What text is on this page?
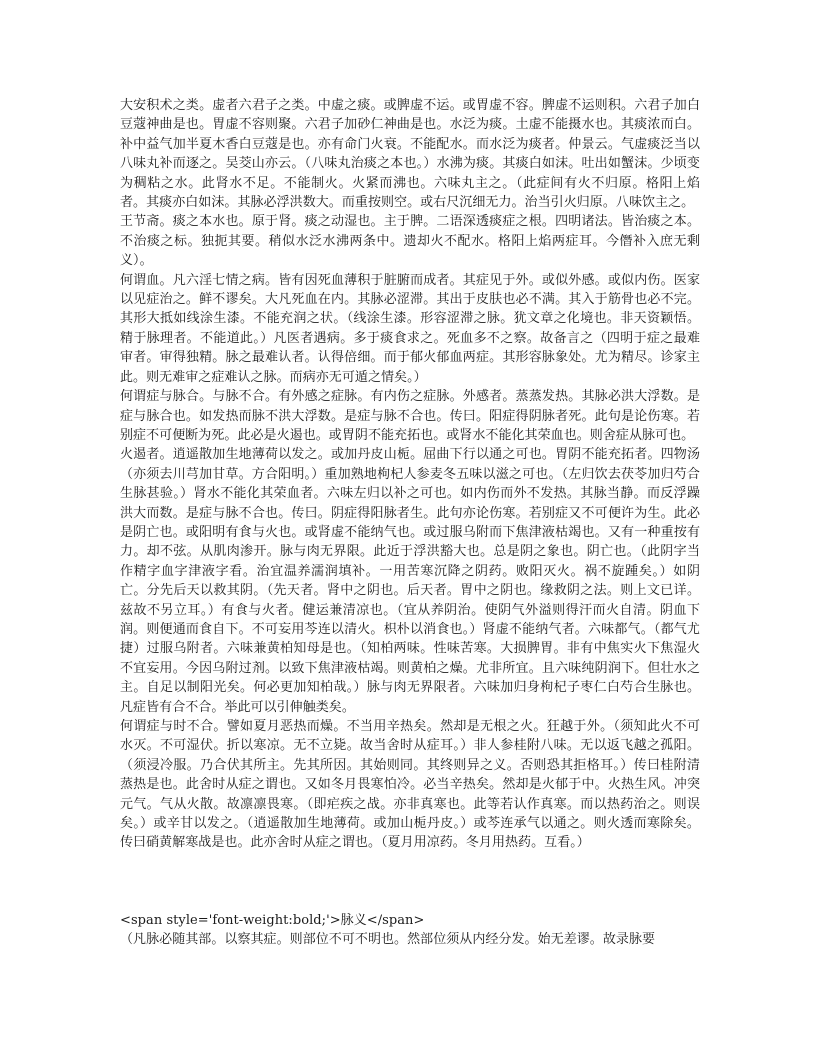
大安积术之类。虚者六君子之类。中虚之痰。或脾虚不运。或胃虚不容。脾虚不运则积。六君子加白豆蔻神曲是也。胃虚不容则聚。六君子加砂仁神曲是也。水泛为痰。土虚不能摄水也。其痰浓而白。补中益气加半夏木香白豆蔻是也。亦有命门火衰。不能配水。而水泛为痰者。仲景云。气虚痰泛当以八味丸补而逐之。吴茭山亦云。（八味丸治痰之本也。）水沸为痰。其痰白如沫。吐出如蟹沫。少顷变为稠粘之水。此肾水不足。不能制火。火紧而沸也。六味丸主之。（此症间有火不归原。格阳上焰者。其痰亦白如沫。其脉必浮洪数大。而重按则空。或右尺沉细无力。治当引火归原。八味饮主之。

王节斋。痰之本水也。原于肾。痰之动湿也。主于脾。二语深透痰症之根。四明诸法。皆治痰之本。不治痰之标。独扼其要。稍似水泛水沸两条中。遗却火不配水。格阳上焰两症耳。今僭补入庶无剩义）。

何谓血。凡六淫七情之病。皆有因死血薄积于脏腑而成者。其症见于外。或似外感。或似内伤。医家以见症治之。鲜不谬矣。大凡死血在内。其脉必涩滞。其出于皮肤也必不满。其入于筋骨也必不完。其形大抵如线涂生漆。不能充润之状。（线涂生漆。形容涩滞之脉。犹文章之化境也。非天资颖悟。精于脉理者。不能道此。）凡医者遇病。多于痰食求之。死血多不之察。故备言之（四明于症之最难审者。审得独精。脉之最难认者。认得倍细。而于郁火郁血两症。其形容脉象处。尤为精尽。诊家主此。则无难审之症难认之脉。而病亦无可遁之情矣。）

何谓症与脉合。与脉不合。有外感之症脉。有内伤之症脉。外感者。蒸蒸发热。其脉必洪大浮数。是症与脉合也。如发热而脉不洪大浮数。是症与脉不合也。传曰。阳症得阴脉者死。此句是论伤寒。若别症不可便断为死。此必是火遏也。或胃阴不能充拓也。或肾水不能化其荣血也。则舍症从脉可也。

火遏者。逍遥散加生地薄荷以发之。或加丹皮山栀。屈曲下行以通之可也。胃阴不能充拓者。四物汤（亦须去川芎加甘草。方合阳明。）重加熟地枸杞人参麦冬五味以滋之可也。（左归饮去茯苓加归芍合生脉甚验。）肾水不能化其荣血者。六味左归以补之可也。如内伤而外不发热。其脉当静。而反浮躁洪大而数。是症与脉不合也。传曰。阴症得阳脉者生。此句亦论伤寒。若别症又不可便许为生。此必是阴亡也。或阳明有食与火也。或肾虚不能纳气也。或过服乌附而下焦津液枯竭也。又有一种重按有力。却不弦。从肌肉渗开。脉与肉无界限。此近于浮洪豁大也。总是阴之象也。阴亡也。（此阴字当作精字血字津液字看。治宜温养濡润填补。一用苦寒沉降之阴药。败阳灭火。祸不旋踵矣。）如阴亡。分先后天以救其阴。（先天者。肾中之阴也。后天者。胃中之阴也。缘救阴之法。则上文已详。兹故不另立耳。）有食与火者。健运兼清凉也。（宜从养阴治。使阴气外溢则得汗而火自清。阴血下润。则便通而食自下。不可妄用芩连以清火。枳朴以消食也。）肾虚不能纳气者。六味都气。（都气尤捷）过服乌附者。六味兼黄柏知母是也。（知柏两味。性味苦寒。大损脾胃。非有中焦实火下焦湿火不宜妄用。今因乌附过剂。以致下焦津液枯竭。则黄柏之燥。尤非所宜。且六味纯阴润下。但壮水之主。自足以制阳光矣。何必更加知柏哉。）脉与肉无界限者。六味加归身枸杞子枣仁白芍合生脉也。凡症皆有合不合。举此可以引伸触类矣。

何谓症与时不合。譬如夏月恶热而燥。不当用辛热矣。然却是无根之火。狂越于外。（须知此火不可水灭。不可湿伏。折以寒凉。无不立毙。故当舍时从症耳。）非人参桂附八味。无以返飞越之孤阳。（须浸冷服。乃合伏其所主。先其所因。其始则同。其终则异之义。否则恐其拒格耳。）传曰桂附清蒸热是也。此舍时从症之谓也。又如冬月畏寒怕冷。必当辛热矣。然却是火郁于中。火热生风。冲突元气。气从火散。故凛凛畏寒。（即疟疾之战。亦非真寒也。此等若认作真寒。而以热药治之。则误矣。）或辛甘以发之。（逍遥散加生地薄荷。或加山栀丹皮。）或芩连承气以通之。则火透而寒除矣。传曰硝黄解寒战是也。此亦舍时从症之谓也。（夏月用凉药。冬月用热药。互看。）

<span style='font-weight:bold;'>脉义</span>

（凡脉必随其部。以察其症。则部位不可不明也。然部位须从内经分发。始无差谬。故录脉要
